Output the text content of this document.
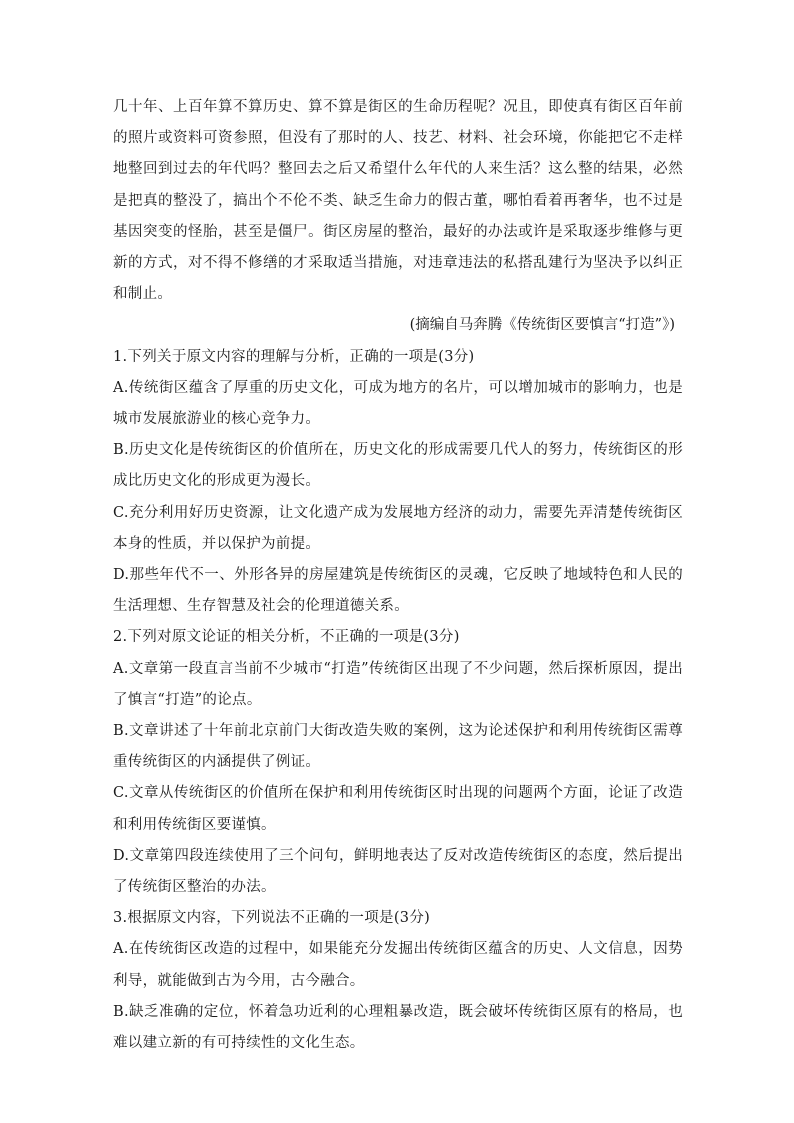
几十年、上百年算不算历史、算不算是街区的生命历程呢？况且，即使真有街区百年前的照片或资料可资参照，但没有了那时的人、技艺、材料、社会环境，你能把它不走样地整回到过去的年代吗？整回去之后又希望什么年代的人来生活？这么整的结果，必然是把真的整没了，搞出个不伦不类、缺乏生命力的假古董，哪怕看着再奢华，也不过是基因突变的怪胎，甚至是僵尸。街区房屋的整治，最好的办法或许是采取逐步维修与更新的方式，对不得不修缮的才采取适当措施，对违章违法的私搭乱建行为坚决予以纠正和制止。

(摘编自马奔腾《传统街区要慎言“打造”》)

1.下列关于原文内容的理解与分析，正确的一项是(3分)

A.传统街区蕴含了厚重的历史文化，可成为地方的名片，可以增加城市的影响力，也是城市发展旅游业的核心竞争力。

B.历史文化是传统街区的价值所在，历史文化的形成需要几代人的努力，传统街区的形成比历史文化的形成更为漫长。

C.充分利用好历史资源，让文化遗产成为发展地方经济的动力，需要先弄清楚传统街区本身的性质，并以保护为前提。

D.那些年代不一、外形各异的房屋建筑是传统街区的灵魂，它反映了地域特色和人民的生活理想、生存智慧及社会的伦理道德关系。

2.下列对原文论证的相关分析，不正确的一项是(3分)

A.文章第一段直言当前不少城市“打造”传统街区出现了不少问题，然后探析原因，提出了慎言“打造”的论点。

B.文章讲述了十年前北京前门大街改造失败的案例，这为论述保护和利用传统街区需尊重传统街区的内涵提供了例证。

C.文章从传统街区的价值所在保护和利用传统街区时出现的问题两个方面，论证了改造和利用传统街区要谨慎。

D.文章第四段连续使用了三个问句，鲜明地表达了反对改造传统街区的态度，然后提出了传统街区整治的办法。

3.根据原文内容，下列说法不正确的一项是(3分)

A.在传统街区改造的过程中，如果能充分发掘出传统街区蕴含的历史、人文信息，因势利导，就能做到古为今用，古今融合。

B.缺乏准确的定位，怀着急功近利的心理粗暴改造，既会破坏传统街区原有的格局，也难以建立新的有可持续性的文化生态。
